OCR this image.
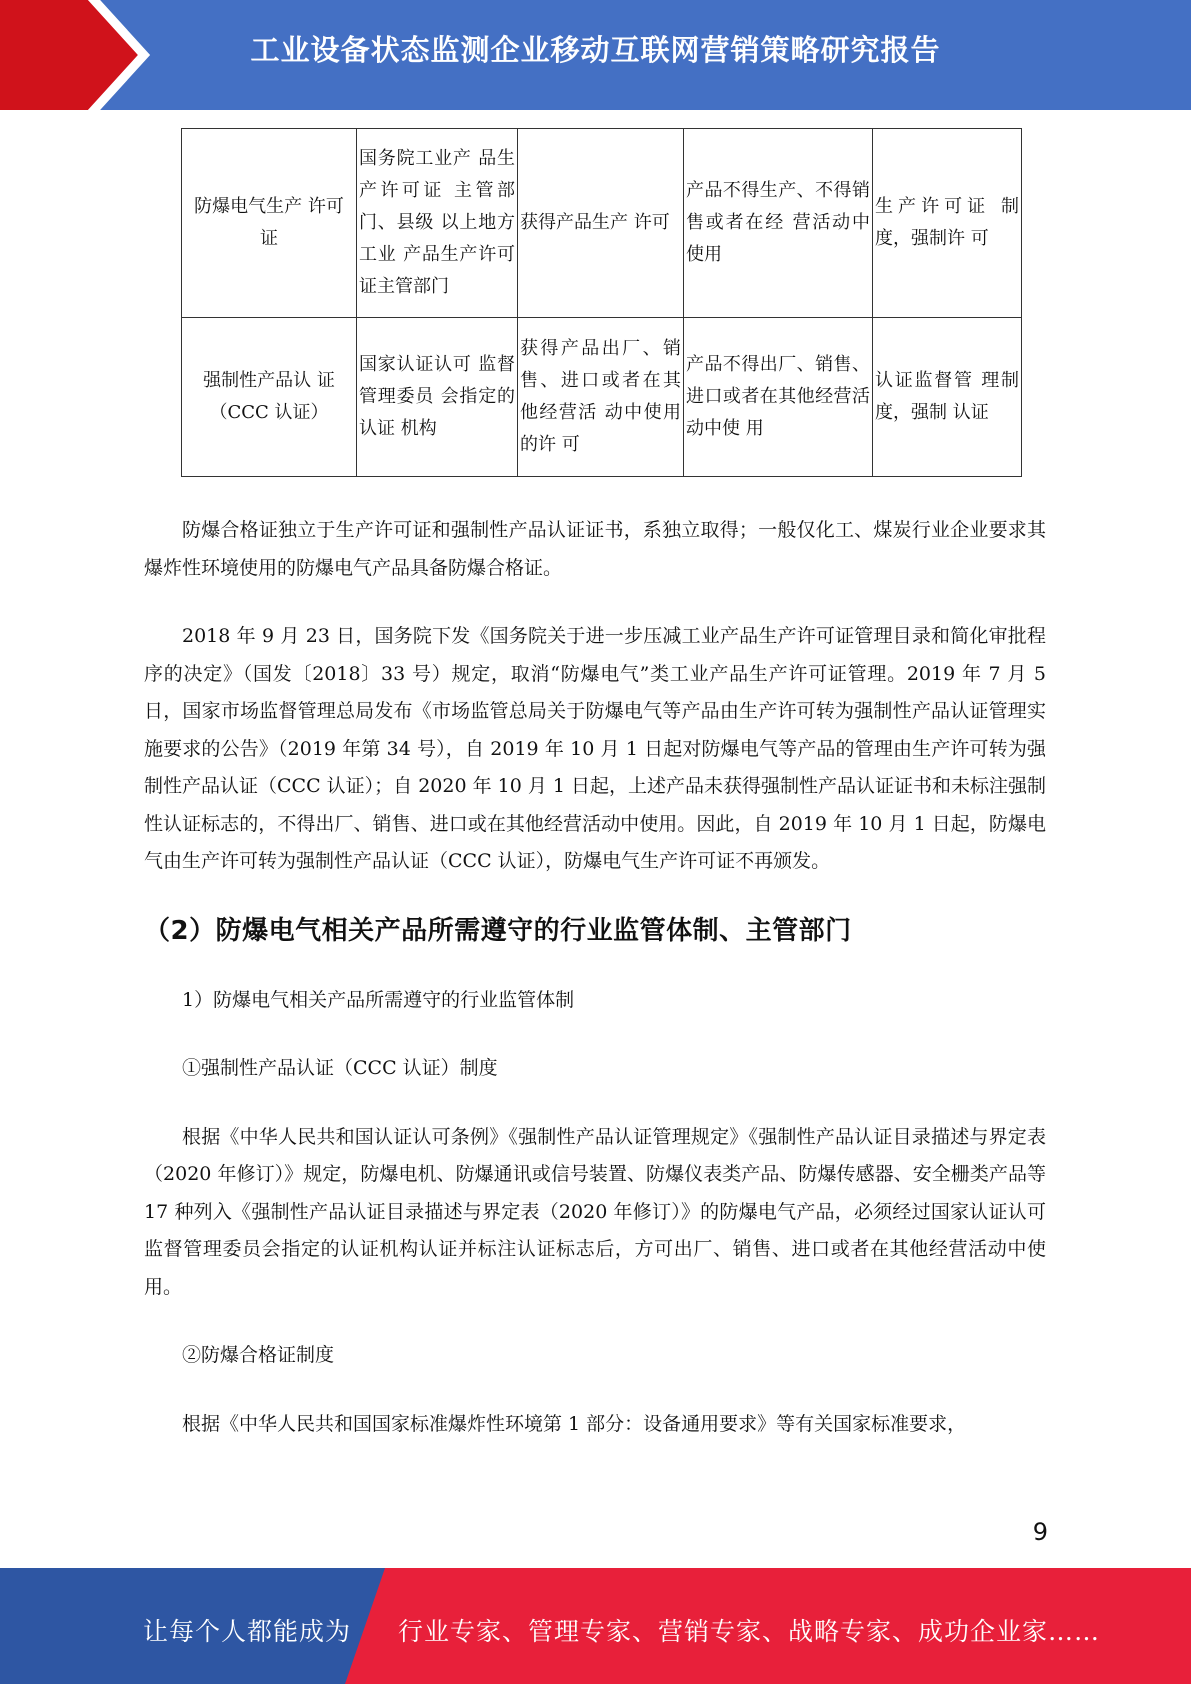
工业设备状态监测企业移动互联网营销策略研究报告
防爆电气生产 许可证	国务院工业产 品生产许可证 主管部门、县级 以上地方工业 产品生产许可 证主管部门	获得产品生产 许可	产品不得生产、不得销售或者在经 营活动中使用	生产许可证 制度，强制许 可
强制性产品认 证（CCC 认证）	国家认证认可 监督管理委员 会指定的认证 机构	获得产品出厂、销售、进口或者在其他经营活 动中使用的许 可	产品不得出厂、销售、进口或者在其他经营活动中使 用	认证监督管 理制度，强制 认证

防爆合格证独立于生产许可证和强制性产品认证证书，系独立取得；一般仅化工、煤炭行业企业要求其爆炸性环境使用的防爆电气产品具备防爆合格证。

2018 年 9 月 23 日，国务院下发《国务院关于进一步压减工业产品生产许可证管理目录和简化审批程序的决定》（国发〔2018〕33 号）规定，取消“防爆电气”类工业产品生产许可证管理。2019 年 7 月 5 日，国家市场监督管理总局发布《市场监管总局关于防爆电气等产品由生产许可转为强制性产品认证管理实施要求的公告》（2019 年第 34 号），自 2019 年 10 月 1 日起对防爆电气等产品的管理由生产许可转为强制性产品认证（CCC 认证）；自 2020 年 10 月 1 日起，上述产品未获得强制性产品认证证书和未标注强制性认证标志的，不得出厂、销售、进口或在其他经营活动中使用。因此，自 2019 年 10 月 1 日起，防爆电气由生产许可转为强制性产品认证（CCC 认证），防爆电气生产许可证不再颁发。

（2）防爆电气相关产品所需遵守的行业监管体制、主管部门

1）防爆电气相关产品所需遵守的行业监管体制

①强制性产品认证（CCC 认证）制度

根据《中华人民共和国认证认可条例》《强制性产品认证管理规定》《强制性产品认证目录描述与界定表（2020 年修订）》规定，防爆电机、防爆通讯或信号装置、防爆仪表类产品、防爆传感器、安全栅类产品等 17 种列入《强制性产品认证目录描述与界定表（2020 年修订）》的防爆电气产品，必须经过国家认证认可监督管理委员会指定的认证机构认证并标注认证标志后，方可出厂、销售、进口或者在其他经营活动中使用。

②防爆合格证制度

根据《中华人民共和国国家标准爆炸性环境第 1 部分：设备通用要求》等有关国家标准要求，

9
让每个人都能成为 行业专家、管理专家、营销专家、战略专家、成功企业家……
